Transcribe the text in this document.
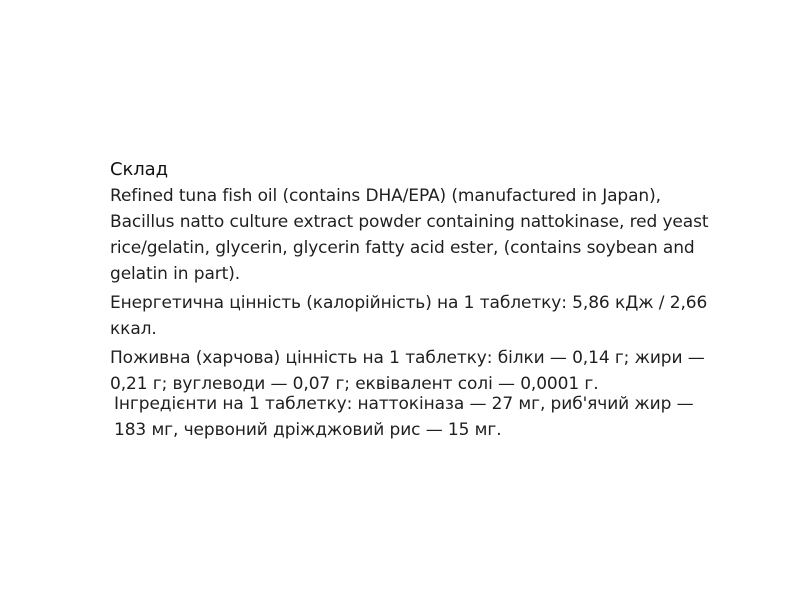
Склад

Refined tuna fish oil (contains DHA/EPA) (manufactured in Japan), Bacillus natto culture extract powder containing nattokinase, red yeast rice/gelatin, glycerin, glycerin fatty acid ester, (contains soybean and gelatin in part).

Енергетична цінність (калорійність) на 1 таблетку: 5,86 кДж / 2,66 ккал.

Поживна (харчова) цінність на 1 таблетку: білки — 0,14 г; жири — 0,21 г; вуглеводи — 0,07 г; еквівалент солі — 0,0001 г.

Інгредієнти на 1 таблетку: наттокіназа — 27 мг, риб'ячий жир — 183 мг, червоний дріжджовий рис — 15 мг.
